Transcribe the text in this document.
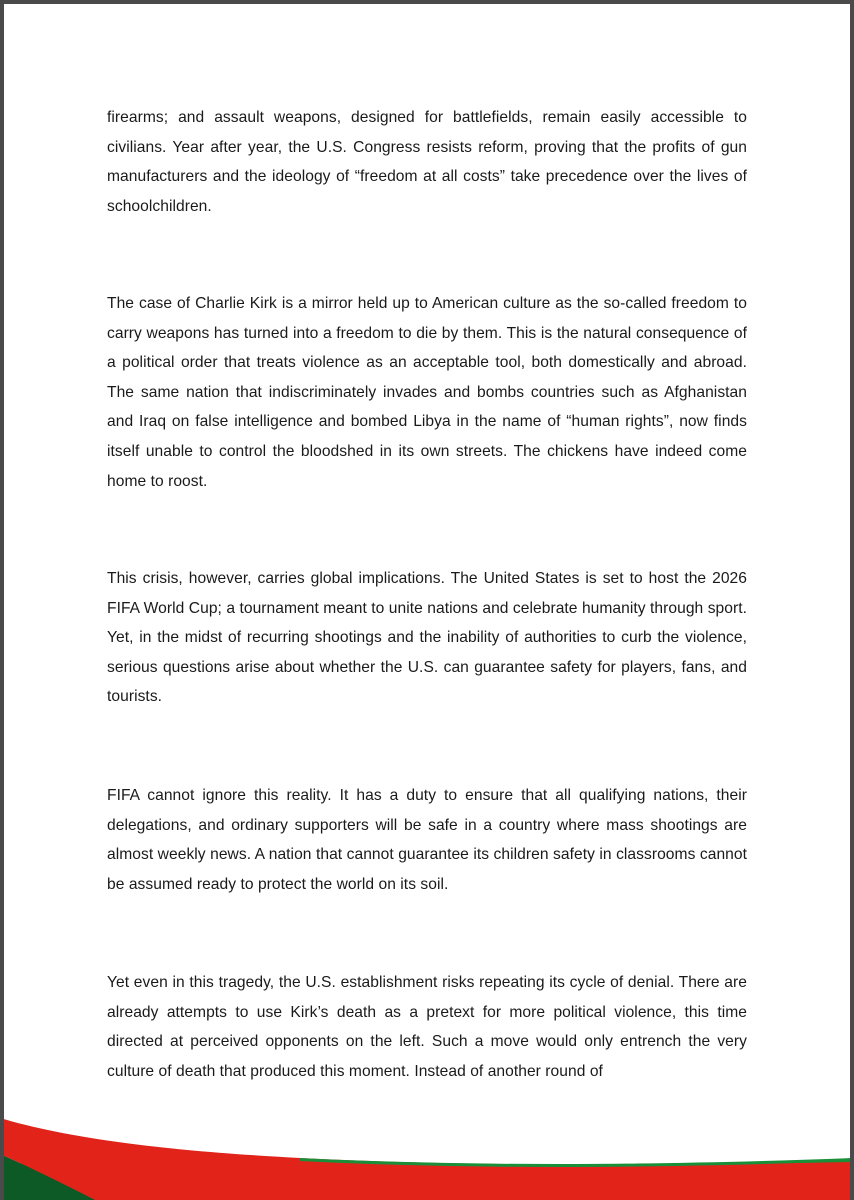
firearms; and assault weapons, designed for battlefields, remain easily accessible to civilians. Year after year, the U.S. Congress resists reform, proving that the profits of gun manufacturers and the ideology of “freedom at all costs” take precedence over the lives of schoolchildren.

The case of Charlie Kirk is a mirror held up to American culture as the so-called freedom to carry weapons has turned into a freedom to die by them. This is the natural consequence of a political order that treats violence as an acceptable tool, both domestically and abroad. The same nation that indiscriminately invades and bombs countries such as Afghanistan and Iraq on false intelligence and bombed Libya in the name of “human rights”, now finds itself unable to control the bloodshed in its own streets. The chickens have indeed come home to roost.

This crisis, however, carries global implications. The United States is set to host the 2026 FIFA World Cup; a tournament meant to unite nations and celebrate humanity through sport. Yet, in the midst of recurring shootings and the inability of authorities to curb the violence, serious questions arise about whether the U.S. can guarantee safety for players, fans, and tourists.

FIFA cannot ignore this reality. It has a duty to ensure that all qualifying nations, their delegations, and ordinary supporters will be safe in a country where mass shootings are almost weekly news. A nation that cannot guarantee its children safety in classrooms cannot be assumed ready to protect the world on its soil.

Yet even in this tragedy, the U.S. establishment risks repeating its cycle of denial. There are already attempts to use Kirk’s death as a pretext for more political violence, this time directed at perceived opponents on the left. Such a move would only entrench the very culture of death that produced this moment. Instead of another round of
